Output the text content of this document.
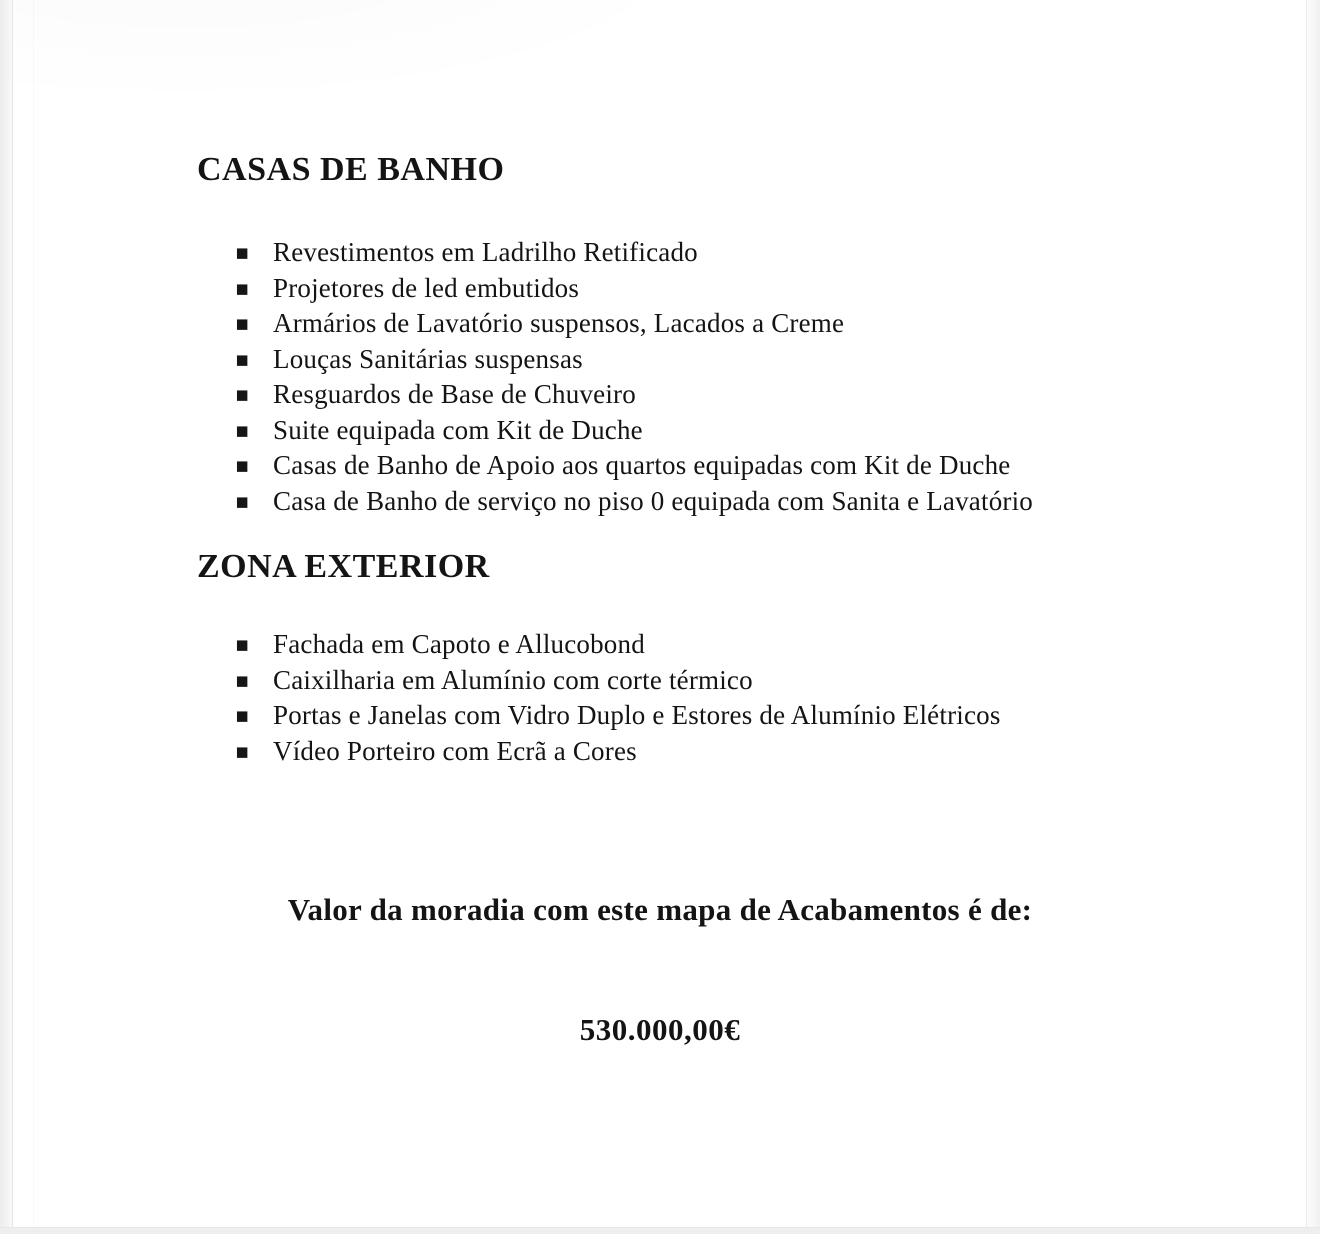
CASAS DE BANHO
▪ Revestimentos em Ladrilho Retificado
▪ Projetores de led embutidos
▪ Armários de Lavatório suspensos, Lacados a Creme
▪ Louças Sanitárias suspensas
▪ Resguardos de Base de Chuveiro
▪ Suite equipada com Kit de Duche
▪ Casas de Banho de Apoio aos quartos equipadas com Kit de Duche
▪ Casa de Banho de serviço no piso 0 equipada com Sanita e Lavatório
ZONA EXTERIOR
▪ Fachada em Capoto e Allucobond
▪ Caixilharia em Alumínio com corte térmico
▪ Portas e Janelas com Vidro Duplo e Estores de Alumínio Elétricos
▪ Vídeo Porteiro com Ecrã a Cores
Valor da moradia com este mapa de Acabamentos é de:
530.000,00€
